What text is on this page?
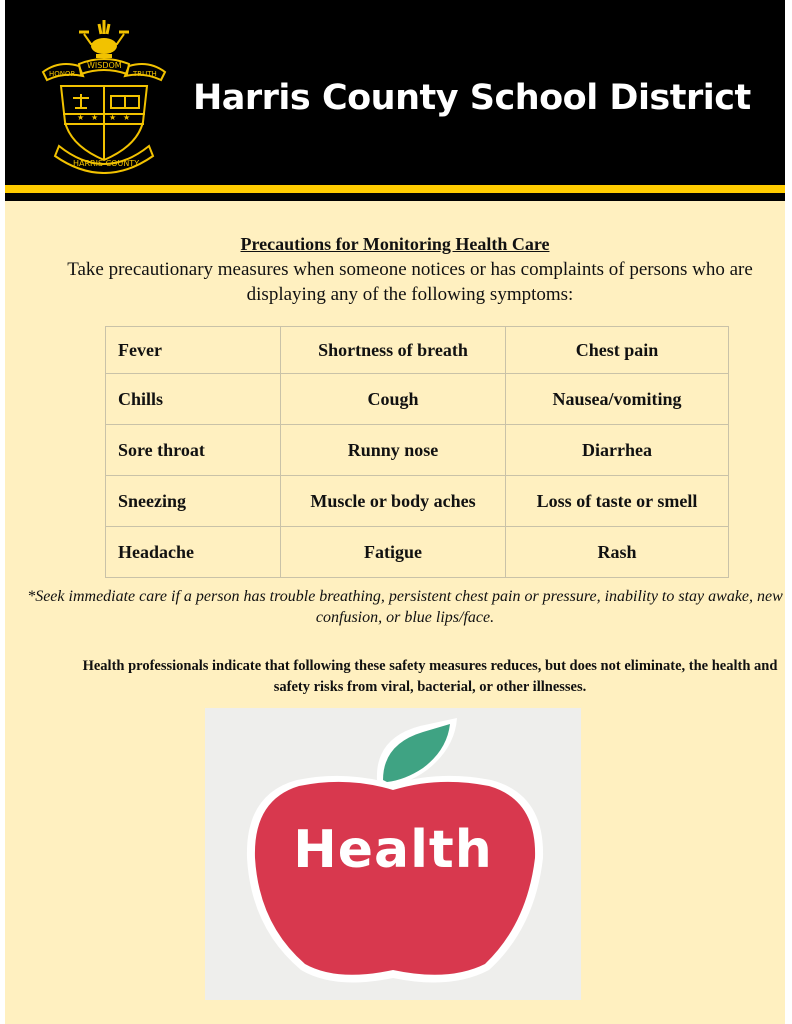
★ ★ ★ ★
HONOR
WISDOM
TRUTH
HARRIS COUNTY
Harris County School District
Precautions for Monitoring Health Care
Take precautionary measures when someone notices or has complaints of persons who are displaying any of the following symptoms:
Fever	Shortness of breath	Chest pain
Chills	Cough	Nausea/vomiting
Sore throat	Runny nose	Diarrhea
Sneezing	Muscle or body aches	Loss of taste or smell
Headache	Fatigue	Rash
*Seek immediate care if a person has trouble breathing, persistent chest pain or pressure, inability to stay awake, new confusion, or blue lips/face.
Health professionals indicate that following these safety measures reduces, but does not eliminate, the health and safety risks from viral, bacterial, or other illnesses.
Health
